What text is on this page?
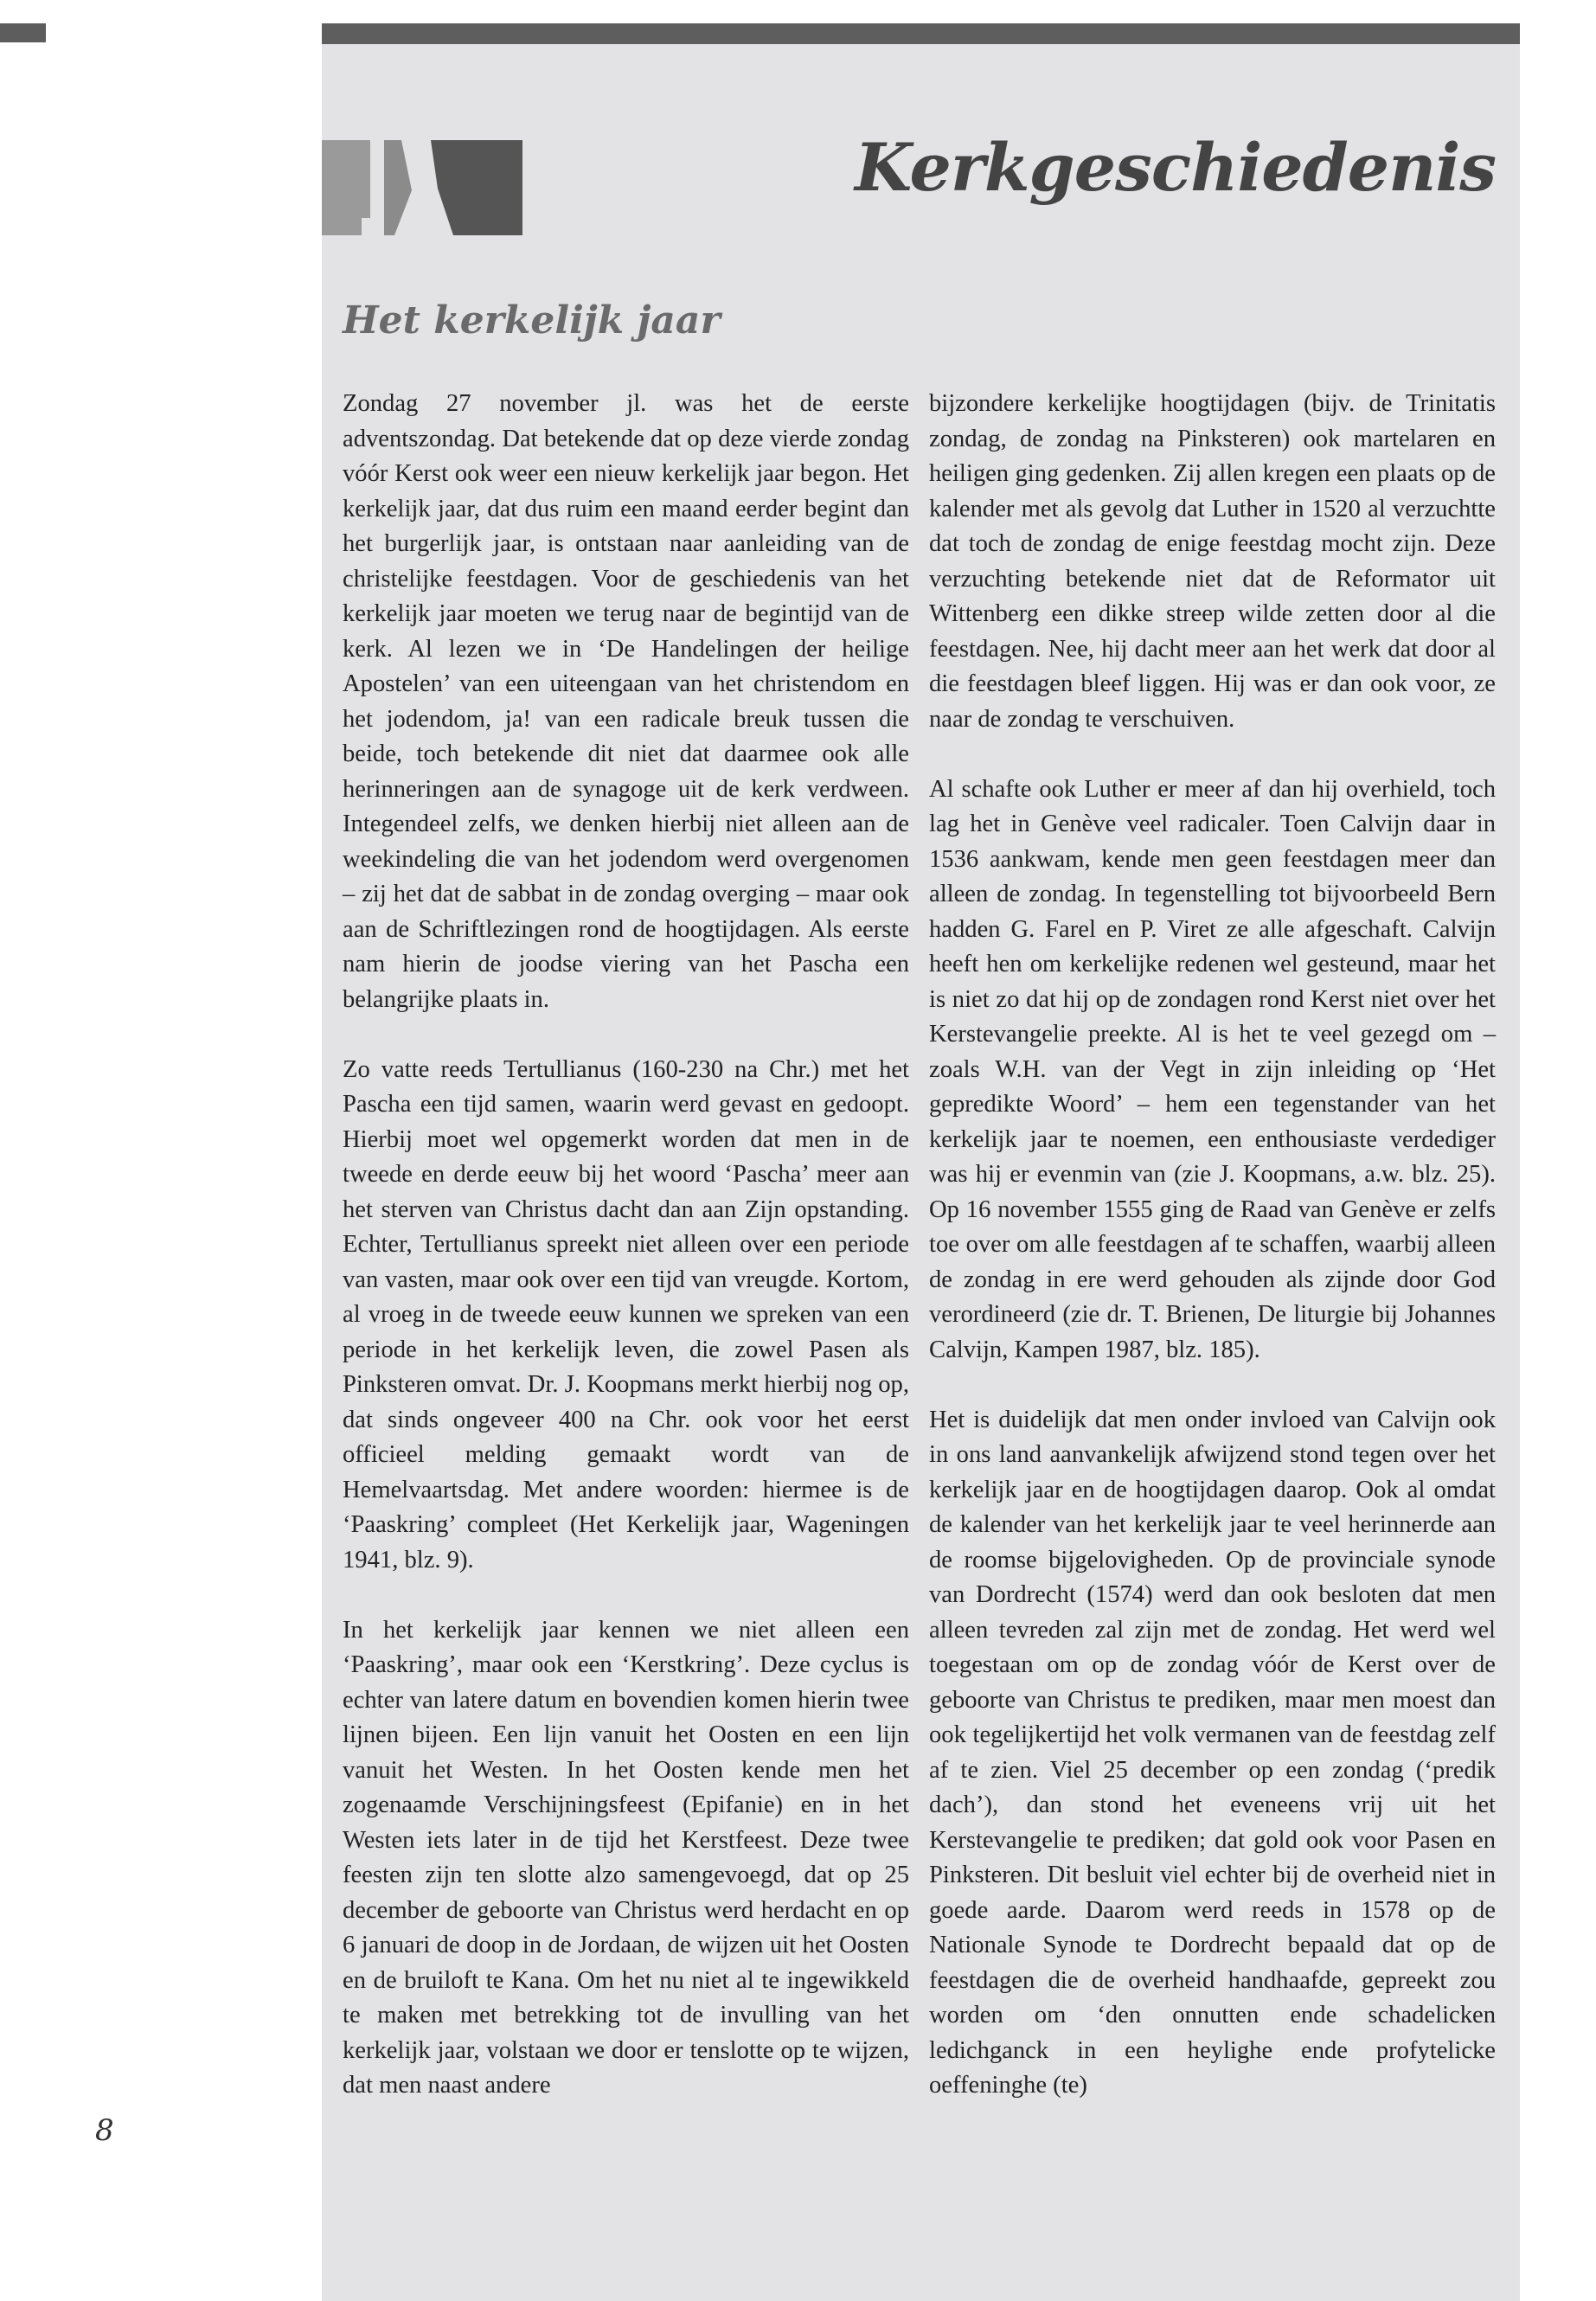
Kerkgeschiedenis
Het kerkelijk jaar

Zondag 27 november jl. was het de eerste adventszondag. Dat betekende dat op deze vierde zondag vóór Kerst ook weer een nieuw kerkelijk jaar begon. Het kerkelijk jaar, dat dus ruim een maand eerder begint dan het burgerlijk jaar, is ontstaan naar aanleiding van de christelijke feestdagen. Voor de geschiedenis van het kerkelijk jaar moeten we terug naar de begintijd van de kerk. Al lezen we in ‘De Handelingen der heilige Apostelen’ van een uiteengaan van het christendom en het jodendom, ja! van een radicale breuk tussen die beide, toch betekende dit niet dat daarmee ook alle herinneringen aan de synagoge uit de kerk verdween. Integendeel zelfs, we denken hierbij niet alleen aan de weekindeling die van het jodendom werd overgenomen – zij het dat de sabbat in de zondag overging – maar ook aan de Schriftlezingen rond de hoogtijdagen. Als eerste nam hierin de joodse viering van het Pascha een belangrijke plaats in.

Zo vatte reeds Tertullianus (160-230 na Chr.) met het Pascha een tijd samen, waarin werd gevast en gedoopt. Hierbij moet wel opgemerkt worden dat men in de tweede en derde eeuw bij het woord ‘Pascha’ meer aan het sterven van Christus dacht dan aan Zijn opstanding. Echter, Tertullianus spreekt niet alleen over een periode van vasten, maar ook over een tijd van vreugde. Kortom, al vroeg in de tweede eeuw kunnen we spreken van een periode in het kerkelijk leven, die zowel Pasen als Pinksteren omvat. Dr. J. Koopmans merkt hierbij nog op, dat sinds ongeveer 400 na Chr. ook voor het eerst officieel melding gemaakt wordt van de Hemelvaartsdag. Met andere woorden: hiermee is de ‘Paaskring’ compleet (Het Kerkelijk jaar, Wageningen 1941, blz. 9).

In het kerkelijk jaar kennen we niet alleen een ‘Paaskring’, maar ook een ‘Kerstkring’. Deze cyclus is echter van latere datum en bovendien komen hierin twee lijnen bijeen. Een lijn vanuit het Oosten en een lijn vanuit het Westen. In het Oosten kende men het zogenaamde Verschijningsfeest (Epifanie) en in het Westen iets later in de tijd het Kerstfeest. Deze twee feesten zijn ten slotte alzo samengevoegd, dat op 25 december de geboorte van Christus werd herdacht en op 6 januari de doop in de Jordaan, de wijzen uit het Oosten en de bruiloft te Kana. Om het nu niet al te ingewikkeld te maken met betrekking tot de invulling van het kerkelijk jaar, volstaan we door er tenslotte op te wijzen, dat men naast andere

bijzondere kerkelijke hoogtijdagen (bijv. de Trinitatis zondag, de zondag na Pinksteren) ook martelaren en heiligen ging gedenken. Zij allen kregen een plaats op de kalender met als gevolg dat Luther in 1520 al verzuchtte dat toch de zondag de enige feestdag mocht zijn. Deze verzuchting betekende niet dat de Reformator uit Wittenberg een dikke streep wilde zetten door al die feestdagen. Nee, hij dacht meer aan het werk dat door al die feestdagen bleef liggen. Hij was er dan ook voor, ze naar de zondag te verschuiven.

Al schafte ook Luther er meer af dan hij overhield, toch lag het in Genève veel radicaler. Toen Calvijn daar in 1536 aankwam, kende men geen feestdagen meer dan alleen de zondag. In tegenstelling tot bijvoorbeeld Bern hadden G. Farel en P. Viret ze alle afgeschaft. Calvijn heeft hen om kerkelijke redenen wel gesteund, maar het is niet zo dat hij op de zondagen rond Kerst niet over het Kerstevangelie preekte. Al is het te veel gezegd om – zoals W.H. van der Vegt in zijn inleiding op ‘Het gepredikte Woord’ – hem een tegenstander van het kerkelijk jaar te noemen, een enthousiaste verdediger was hij er evenmin van (zie J. Koopmans, a.w. blz. 25). Op 16 november 1555 ging de Raad van Genève er zelfs toe over om alle feestdagen af te schaffen, waarbij alleen de zondag in ere werd gehouden als zijnde door God verordineerd (zie dr. T. Brienen, De liturgie bij Johannes Calvijn, Kampen 1987, blz. 185).

Het is duidelijk dat men onder invloed van Calvijn ook in ons land aanvankelijk afwijzend stond tegen over het kerkelijk jaar en de hoogtijdagen daarop. Ook al omdat de kalender van het kerkelijk jaar te veel herinnerde aan de roomse bijgelovigheden. Op de provinciale synode van Dordrecht (1574) werd dan ook besloten dat men alleen tevreden zal zijn met de zondag. Het werd wel toegestaan om op de zondag vóór de Kerst over de geboorte van Christus te prediken, maar men moest dan ook tegelijkertijd het volk vermanen van de feestdag zelf af te zien. Viel 25 december op een zondag (‘predik dach’), dan stond het eveneens vrij uit het Kerstevangelie te prediken; dat gold ook voor Pasen en Pinksteren. Dit besluit viel echter bij de overheid niet in goede aarde. Daarom werd reeds in 1578 op de Nationale Synode te Dordrecht bepaald dat op de feestdagen die de overheid handhaafde, gepreekt zou worden om ‘den onnutten ende schadelicken ledichganck in een heylighe ende profytelicke oeffeninghe (te)

8
